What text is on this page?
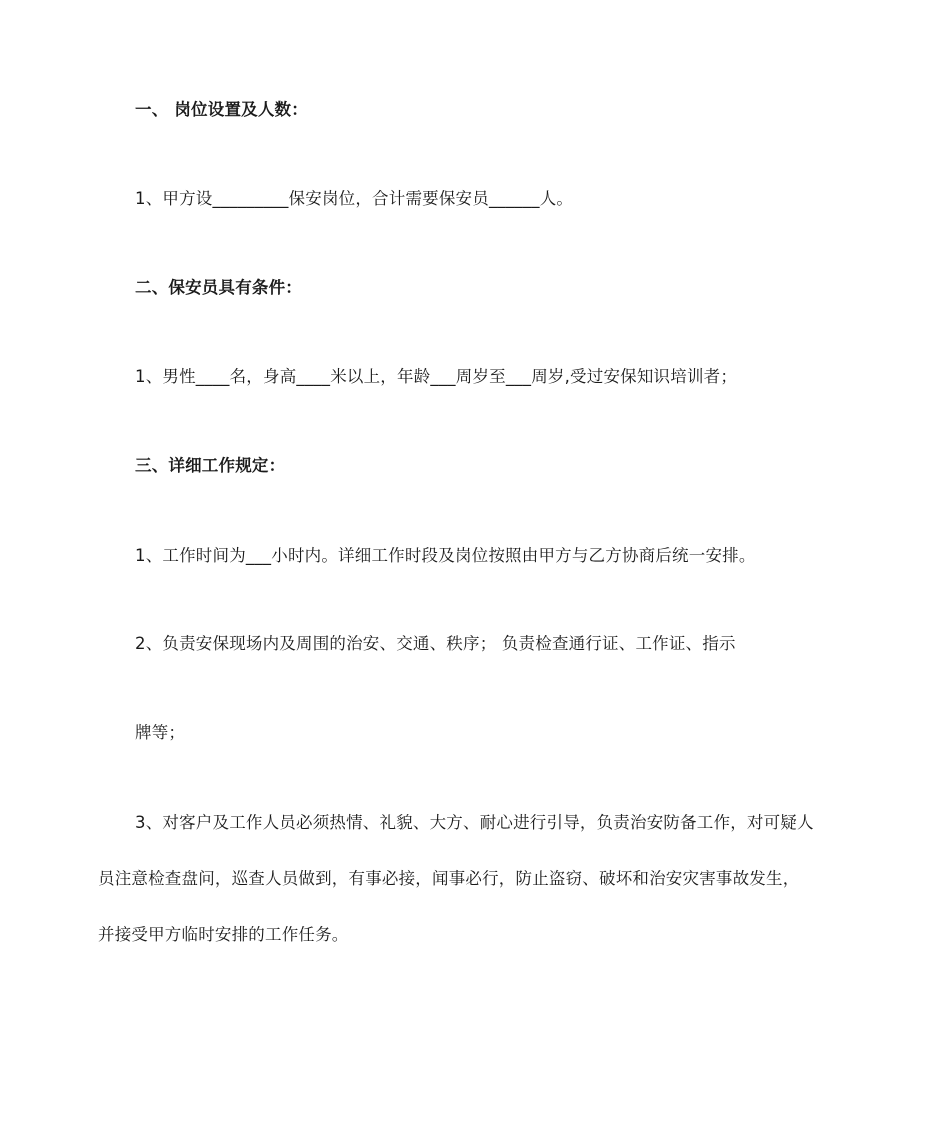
一、 岗位设置及人数：
1、甲方设_________保安岗位，合计需要保安员______人。
二、保安员具有条件：
1、男性____名，身高____米以上，年龄___周岁至___周岁,受过安保知识培训者；
三、详细工作规定：
1、工作时间为___小时内。详细工作时段及岗位按照由甲方与乙方协商后统一安排。
2、负责安保现场内及周围的治安、交通、秩序； 负责检查通行证、工作证、指示
牌等；
3、对客户及工作人员必须热情、礼貌、大方、耐心进行引导，负责治安防备工作，对可疑人
员注意检查盘问，巡查人员做到，有事必接，闻事必行，防止盗窃、破坏和治安灾害事故发生，
并接受甲方临时安排的工作任务。
